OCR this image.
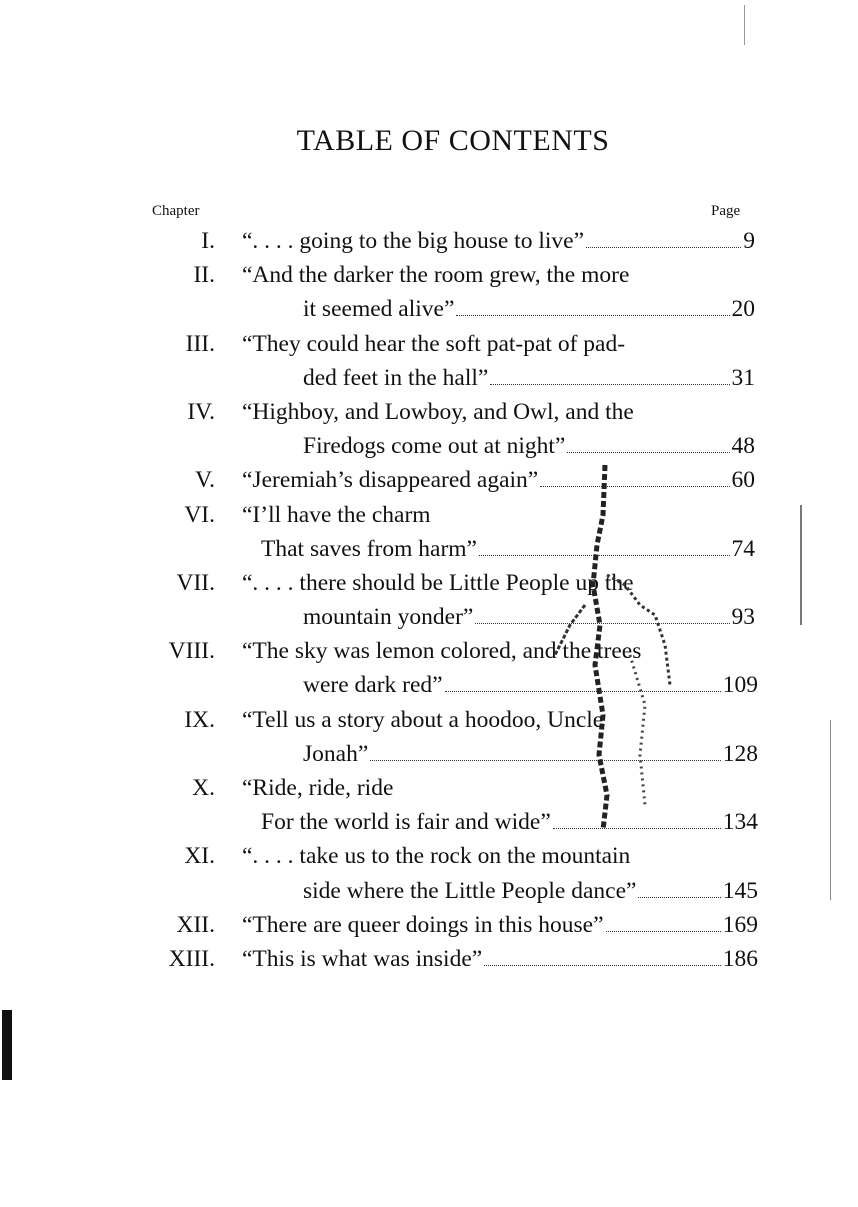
TABLE OF CONTENTS
Chapter	Page
I. “. . . . going to the big house to live”	9
II. “And the darker the room grew, the more
it seemed alive”	20
III. “They could hear the soft pat-pat of pad-
ded feet in the hall”	31
IV. “Highboy, and Lowboy, and Owl, and the
Firedogs come out at night”	48
V. “Jeremiah’s disappeared again”	60
VI. “I’ll have the charm
That saves from harm”	74
VII. “. . . . there should be Little People up the
mountain yonder”	93
VIII. “The sky was lemon colored, and the trees
were dark red”	109
IX. “Tell us a story about a hoodoo, Uncle
Jonah”	128
X. “Ride, ride, ride
For the world is fair and wide”	134
XI. “. . . . take us to the rock on the mountain
side where the Little People dance”	145
XII. “There are queer doings in this house”	169
XIII. “This is what was inside”	186
